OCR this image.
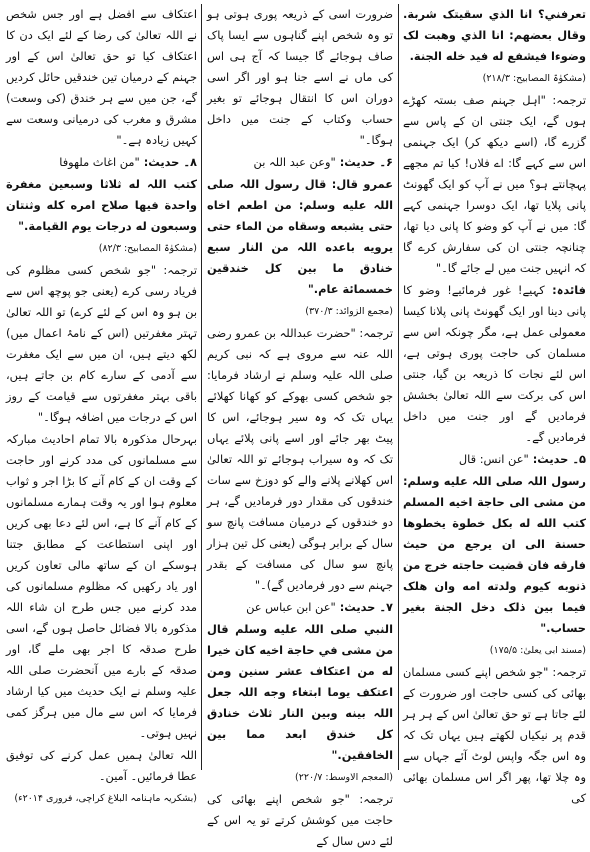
تعرفني؟ انا الذي سقيتک شربة. وقال بعضهم: انا الذي وهبت لک وضوءا فيشفع له فيد خله الجنة.

(مشکوٰۃ المصابیح: ۲۱۸/۳)

ترجمہ: "اہل جہنم صف بستہ کھڑے ہوں گے، ایک جنتی ان کے پاس سے گزرے گا، (اسے دیکھ کر) ایک جہنمی اس سے کہے گا: اے فلاں! کیا تم مجھے پہچانتے ہو؟ میں نے آپ کو ایک گھونٹ پانی پلایا تھا، ایک دوسرا جہنمی کہے گا: میں نے آپ کو وضو کا پانی دیا تھا، چنانچہ جنتی ان کی سفارش کرے گا کہ انہیں جنت میں لے جائے گا۔"

فائدہ: کہیے! غور فرمائیے! وضو کا پانی دینا اور ایک گھونٹ پانی پلانا کیسا معمولی عمل ہے، مگر چونکہ اس سے مسلمان کی حاجت پوری ہوتی ہے، اس لئے نجات کا ذریعہ بن گیا، جنتی اس کی برکت سے اللہ تعالیٰ بخشش فرمادیں گے اور جنت میں داخل فرمادیں گے۔

۵۔ حدیث: "عن انس: قال

رسول اللہ صلى اللہ عليه وسلم: من مشى الى حاجة اخيه المسلم كتب الله له بكل خطوة يخطوها حسنة الى ان يرجع من حيث فارقه فان قضيت حاجته خرج من ذنوبه كيوم ولدته امه وان هلک فيما بين ذلک دخل الجنة بغير حساب."

(مسند ابی یعلیٰ: ۱۷۵/۵)

ترجمہ: "جو شخص اپنے کسی مسلمان بھائی کی کسی حاجت اور ضرورت کے لئے جاتا ہے تو حق تعالیٰ اس کے ہر ہر قدم پر نیکیاں لکھتے ہیں یہاں تک کہ وہ اس جگہ واپس لوٹ آئے جہاں سے وہ چلا تھا، پھر اگر اس مسلمان بھائی کی

ضرورت اسی کے ذریعہ پوری ہوتی ہو تو وہ شخص اپنے گناہوں سے ایسا پاک صاف ہوجائے گا جیسا کہ آج ہی اس کی ماں نے اسے جنا ہو اور اگر اسی دوران اس کا انتقال ہوجائے تو بغیر حساب وکتاب کے جنت میں داخل ہوگا۔"

۶۔ حدیث: "وعن عبد اللہ بن

عمرو قال: قال رسول اللہ صلى اللہ عليه وسلم: من اطعم اخاه حتى يشبعه وسقاه من الماء حتى يرويه باعده اللہ من النار سبع خنادق ما بين كل خندقين خمسمائة عام."

(مجمع الزوائد: ۳۷۰/۳)

ترجمہ: "حضرت عبداللہ بن عمرو رضی اللہ عنہ سے مروی ہے کہ نبی کریم صلی اللہ علیہ وسلم نے ارشاد فرمایا: جو شخص کسی بھوکے کو کھانا کھلائے یہاں تک کہ وہ سیر ہوجائے، اس کا پیٹ بھر جائے اور اسے پانی پلائے یہاں تک کہ وہ سیراب ہوجائے تو اللہ تعالیٰ اس کھلانے پلانے والے کو دوزخ سے سات خندقوں کی مقدار دور فرمادیں گے، ہر دو خندقوں کے درمیان مسافت پانچ سو سال کے برابر ہوگی (یعنی کل تین ہزار پانچ سو سال کی مسافت کے بقدر جہنم سے دور فرمادیں گے)۔"

۷۔ حدیث: "عن ابن عباس عن

النبي صلى اللہ عليه وسلم قال من مشى في حاجة اخيه كان خيرا له من اعتكاف عشر سنين ومن اعتكف يوما ابتغاء وجه اللہ جعل اللہ بينه وبين النار ثلاث خنادق كل خندق ابعد مما بين الخافقين."

(المعجم الاوسط: ۲۲۰/۷)

ترجمہ: "جو شخص اپنے بھائی کی حاجت میں کوشش کرتے تو یہ اس کے لئے دس سال کے

اعتکاف سے افضل ہے اور جس شخص نے اللہ تعالیٰ کی رضا کے لئے ایک دن کا اعتکاف کیا تو حق تعالیٰ اس کے اور جہنم کے درمیان تین خندقیں حائل کردیں گے، جن میں سے ہر خندق (کی وسعت) مشرق و مغرب کی درمیانی وسعت سے کہیں زیادہ ہے۔"

۸۔ حدیث: "من اغاث ملهوفا

كتب اللہ له ثلاثا وسبعين مغفرة واحدة فيها صلاح امره كله وثنتان وسبعون له درجات يوم القيامة."

(مشکوٰۃ المصابیح: ۸۲/۳)

ترجمہ: "جو شخص کسی مظلوم کی فریاد رسی کرے (یعنی جو پوچھ اس سے بن ہو وہ اس کے لئے کرے) تو اللہ تعالیٰ تہتر مغفرتیں (اس کے نامۂ اعمال میں) لکھ دیتے ہیں، ان میں سے ایک مغفرت سے آدمی کے سارے کام بن جاتے ہیں، باقی بہتر مغفرتوں سے قیامت کے روز اس کے درجات میں اضافہ ہوگا۔"

بہرحال مذکورہ بالا تمام احادیث مبارکہ سے مسلمانوں کی مدد کرنے اور حاجت کے وقت ان کے کام آنے کا بڑا اجر و ثواب معلوم ہوا اور یہ وقت ہمارے مسلمانوں کے کام آنے کا ہے، اس لئے دعا بھی کریں اور اپنی استطاعت کے مطابق جتنا ہوسکے ان کے ساتھ مالی تعاون کریں اور یاد رکھیں کہ مظلوم مسلمانوں کی مدد کرنے میں جس طرح ان شاء اللہ مذکورہ بالا فضائل حاصل ہوں گے، اسی طرح صدقہ کا اجر بھی ملے گا، اور صدقہ کے بارے میں آنحضرت صلی اللہ علیہ وسلم نے ایک حدیث میں کیا ارشاد فرمایا کہ اس سے مال میں ہرگز کمی نہیں ہوتی۔

اللہ تعالیٰ ہمیں عمل کرنے کی توفیق عطا فرمائیں۔ آمین۔

(بشکریہ ماہنامہ البلاغ کراچی، فروری ۲۰۱۴ء)
